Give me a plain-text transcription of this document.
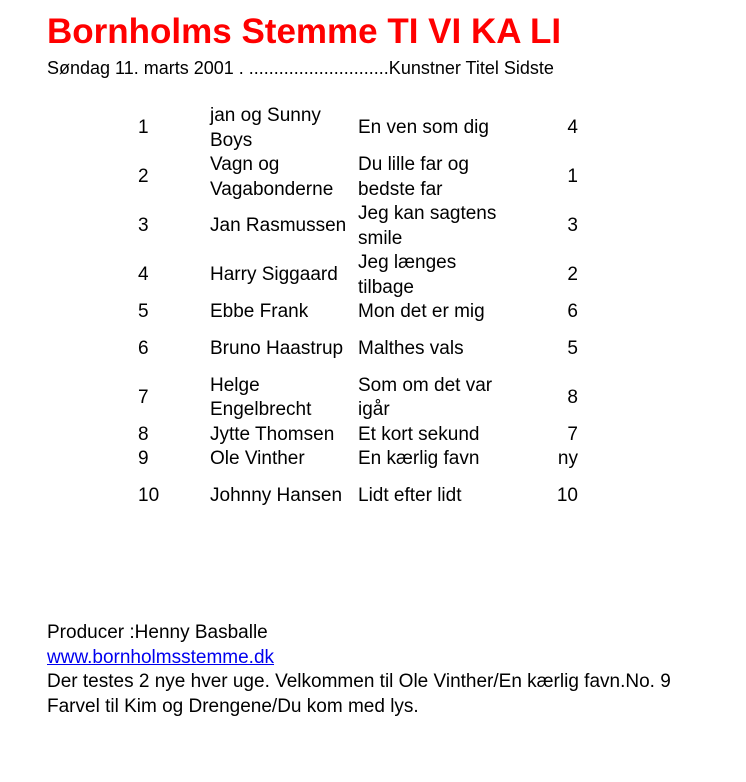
Bornholms Stemme TI VI KA LI
Søndag 11. marts 2001 . ............................Kunstner Titel Sidste
1	jan og Sunny Boys	En ven som dig	4
2	Vagn og Vagabonderne	Du lille far og bedste far	1
3	Jan Rasmussen	Jeg kan sagtens smile	3
4	Harry Siggaard	Jeg længes tilbage	2
5	Ebbe Frank	Mon det er mig	6
6	Bruno Haastrup	Malthes vals	5
7	Helge Engelbrecht	Som om det var igår	8
8	Jytte Thomsen	Et kort sekund	7
9	Ole Vinther	En kærlig favn	ny
10	Johnny Hansen	Lidt efter lidt	10
Producer :Henny Basballe
www.bornholmsstemme.dk
Der testes 2 nye hver uge. Velkommen til Ole Vinther/En kærlig favn.No. 9
Farvel til Kim og Drengene/Du kom med lys.
